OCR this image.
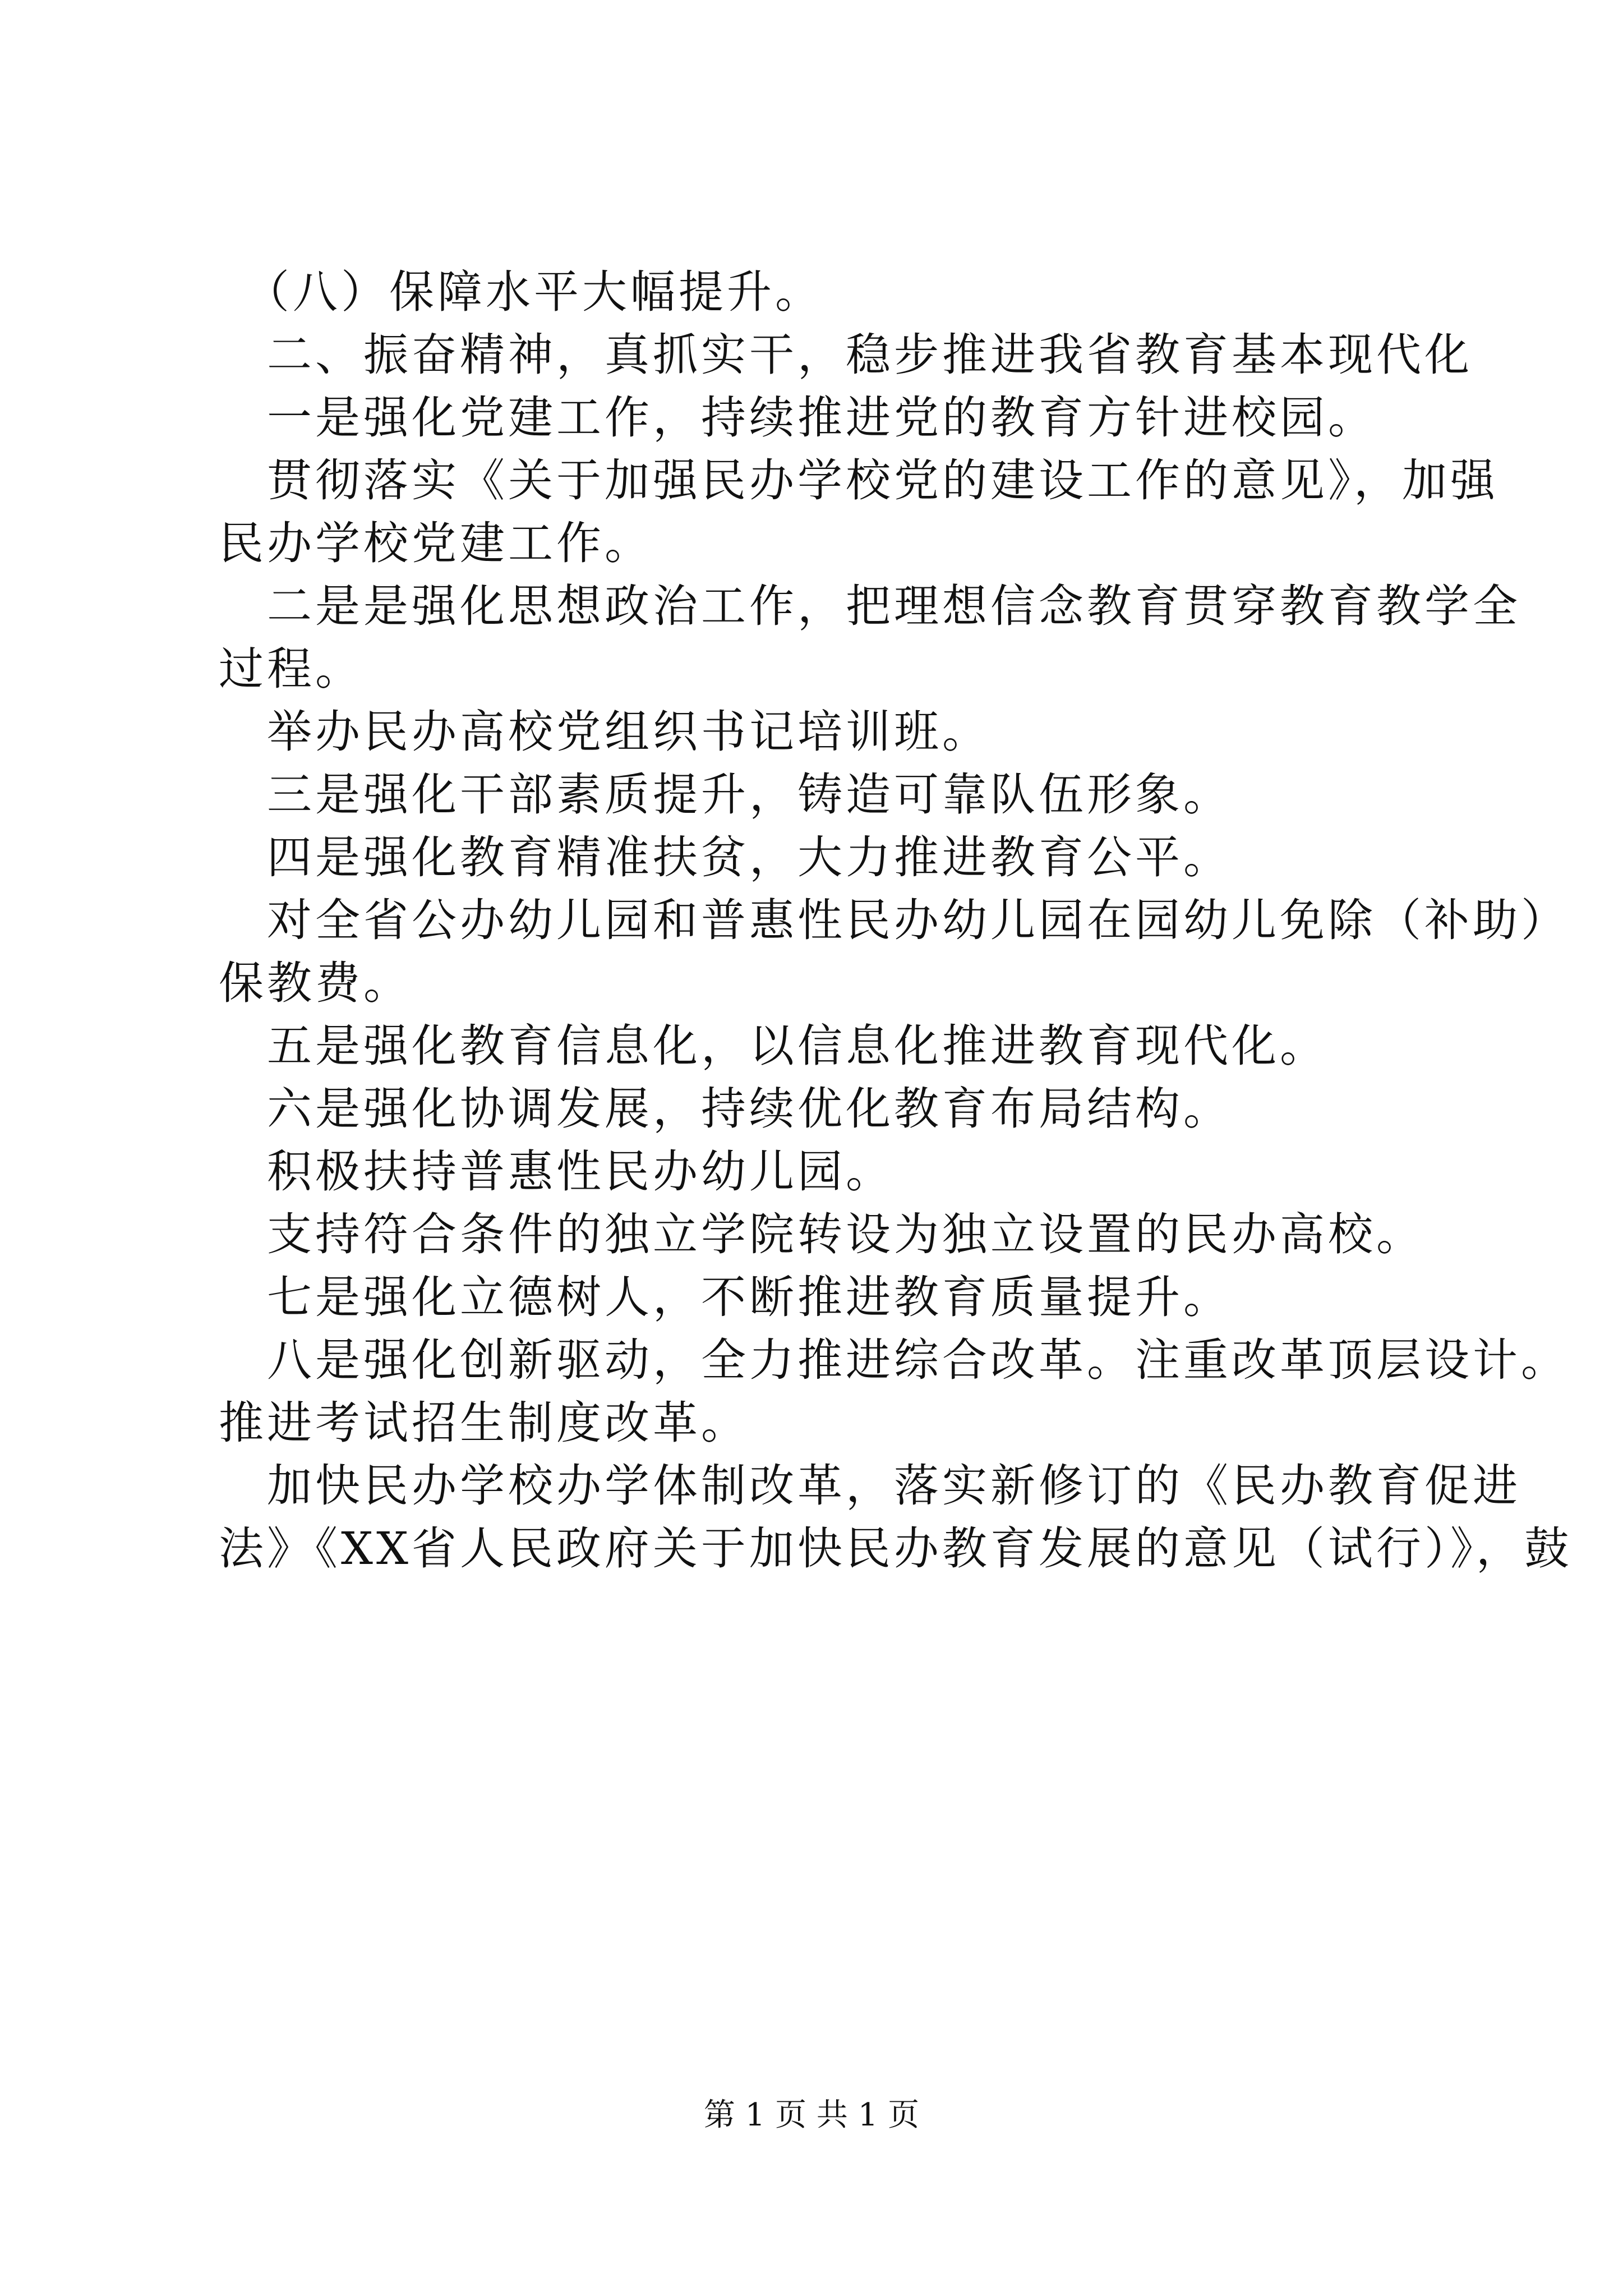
　（八）保障水平大幅提升。

　二、振奋精神，真抓实干，稳步推进我省教育基本现代化

　一是强化党建工作，持续推进党的教育方针进校园。

　贯彻落实《关于加强民办学校党的建设工作的意见》，加强

民办学校党建工作。

　二是是强化思想政治工作，把理想信念教育贯穿教育教学全

过程。

　举办民办高校党组织书记培训班。

　三是强化干部素质提升，铸造可靠队伍形象。

　四是强化教育精准扶贫，大力推进教育公平。

　对全省公办幼儿园和普惠性民办幼儿园在园幼儿免除（补助）

保教费。

　五是强化教育信息化，以信息化推进教育现代化。

　六是强化协调发展，持续优化教育布局结构。

　积极扶持普惠性民办幼儿园。

　支持符合条件的独立学院转设为独立设置的民办高校。

　七是强化立德树人，不断推进教育质量提升。

　八是强化创新驱动，全力推进综合改革。注重改革顶层设计。

推进考试招生制度改革。

　加快民办学校办学体制改革，落实新修订的《民办教育促进

法》《XX省人民政府关于加快民办教育发展的意见（试行）》，鼓

第 1 页 共 1 页
